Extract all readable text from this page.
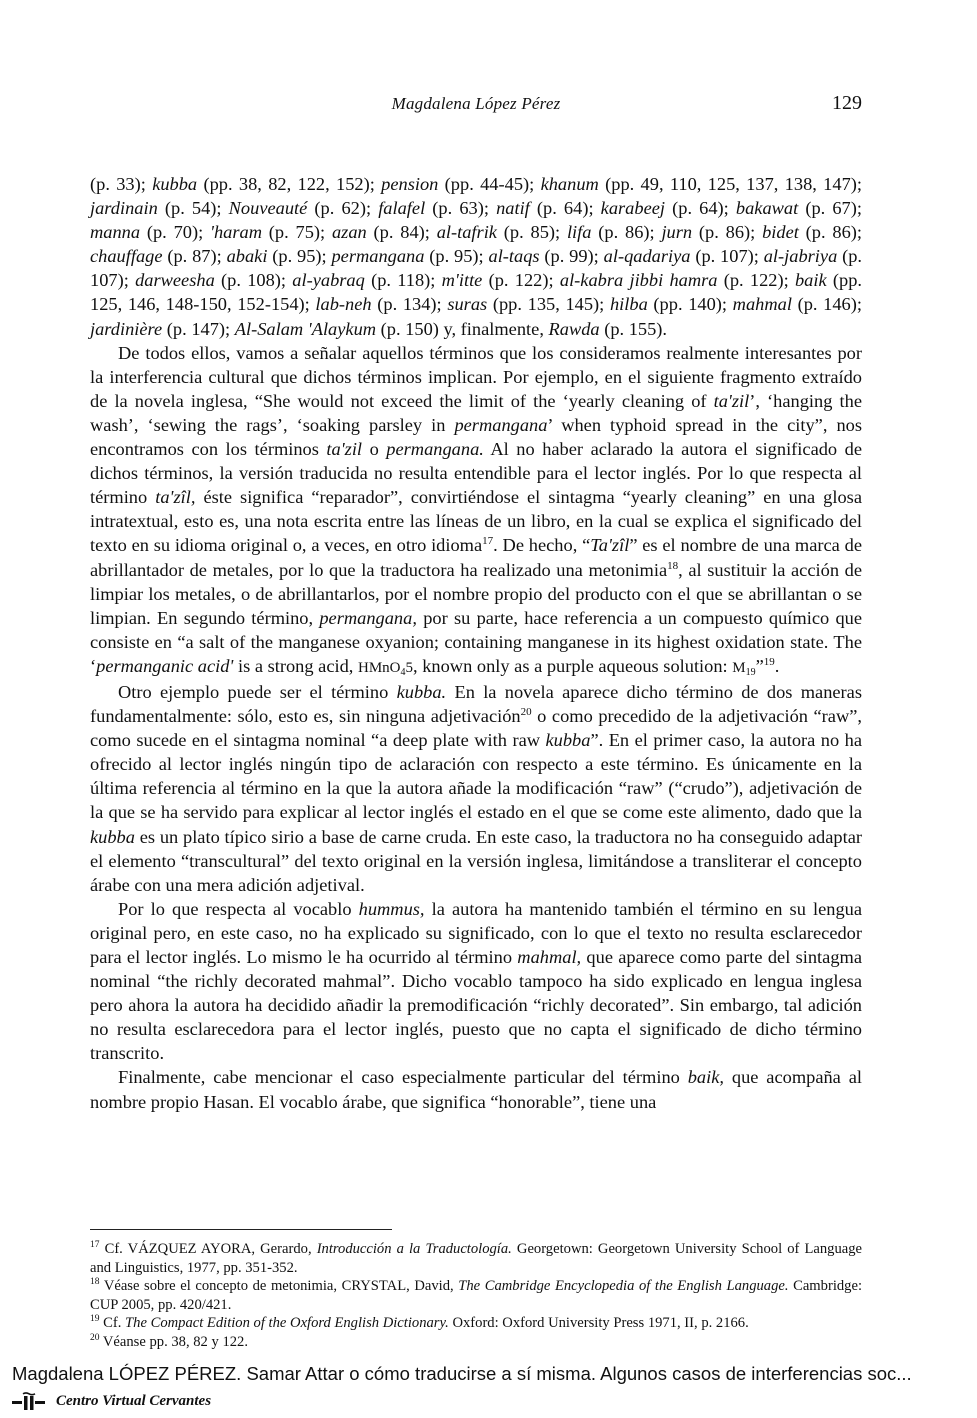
Magdalena López Pérez	129

(p. 33); kubba (pp. 38, 82, 122, 152); pension (pp. 44-45); khanum (pp. 49, 110, 125, 137, 138, 147); jardinain (p. 54); Nouveauté (p. 62); falafel (p. 63); natif (p. 64); karabeej (p. 64); bakawat (p. 67); manna (p. 70); 'haram (p. 75); azan (p. 84); al-tafrik (p. 85); lifa (p. 86); jurn (p. 86); bidet (p. 86); chauffage (p. 87); abaki (p. 95); permangana (p. 95); al-taqs (p. 99); al-qadariya (p. 107); al-jabriya (p. 107); darweesha (p. 108); al-yabraq (p. 118); m'itte (p. 122); al-kabra jibbi hamra (p. 122); baik (pp. 125, 146, 148-150, 152-154); lab-neh (p. 134); suras (pp. 135, 145); hilba (pp. 140); mahmal (p. 146); jardinière (p. 147); Al-Salam 'Alaykum (p. 150) y, finalmente, Rawda (p. 155).

De todos ellos, vamos a señalar aquellos términos que los consideramos realmente interesantes por la interferencia cultural que dichos términos implican. Por ejemplo, en el siguiente fragmento extraído de la novela inglesa, “She would not exceed the limit of the ‘yearly cleaning of ta'zil’, ‘hanging the wash’, ‘sewing the rags’, ‘soaking parsley in permangana’ when typhoid spread in the city”, nos encontramos con los términos ta'zil o permangana. Al no haber aclarado la autora el significado de dichos términos, la versión traducida no resulta entendible para el lector inglés. Por lo que respecta al término ta'zîl, éste significa “reparador”, convirtiéndose el sintagma “yearly cleaning” en una glosa intratextual, esto es, una nota escrita entre las líneas de un libro, en la cual se explica el significado del texto en su idioma original o, a veces, en otro idioma$^{17}$. De hecho, “Ta'zîl” es el nombre de una marca de abrillantador de metales, por lo que la traductora ha realizado una metonimia$^{18}$, al sustituir la acción de limpiar los metales, o de abrillantarlos, por el nombre propio del producto con el que se abrillantan o se limpian. En segundo término, permangana, por su parte, hace referencia a un compuesto químico que consiste en “a salt of the manganese oxyanion; containing manganese in its highest oxidation state. The ‘permanganic acid' is a strong acid, HMnO$_4$5, known only as a purple aqueous solution: $M_{19}”^{19}$.

Otro ejemplo puede ser el término kubba. En la novela aparece dicho término de dos maneras fundamentalmente: sólo, esto es, sin ninguna adjetivación$^{20}$ o como precedido de la adjetivación “raw”, como sucede en el sintagma nominal “a deep plate with raw kubba”. En el primer caso, la autora no ha ofrecido al lector inglés ningún tipo de aclaración con respecto a este término. Es únicamente en la última referencia al término en la que la autora añade la modificación “raw” (“crudo”), adjetivación de la que se ha servido para explicar al lector inglés el estado en el que se come este alimento, dado que la kubba es un plato típico sirio a base de carne cruda. En este caso, la traductora no ha conseguido adaptar el elemento “transcultural” del texto original en la versión inglesa, limitándose a transliterar el concepto árabe con una mera adición adjetival.

Por lo que respecta al vocablo hummus, la autora ha mantenido también el término en su lengua original pero, en este caso, no ha explicado su significado, con lo que el texto no resulta esclarecedor para el lector inglés. Lo mismo le ha ocurrido al término mahmal, que aparece como parte del sintagma nominal “the richly decorated mahmal”. Dicho vocablo tampoco ha sido explicado en lengua inglesa pero ahora la autora ha decidido añadir la premodificación “richly decorated”. Sin embargo, tal adición no resulta esclarecedora para el lector inglés, puesto que no capta el significado de dicho término transcrito.

Finalmente, cabe mencionar el caso especialmente particular del término baik, que acompaña al nombre propio Hasan. El vocablo árabe, que significa “honorable”, tiene una

$^{17}$ Cf. VÁZQUEZ AYORA, Gerardo, Introducción a la Traductología. Georgetown: Georgetown University School of Language and Linguistics, 1977, pp. 351-352.

$^{18}$ Véase sobre el concepto de metonimia, CRYSTAL, David, The Cambridge Encyclopedia of the English Language. Cambridge: CUP 2005, pp. 420/421.

$^{19}$ Cf. The Compact Edition of the Oxford English Dictionary. Oxford: Oxford University Press 1971, II, p. 2166.

$^{20}$ Véanse pp. 38, 82 y 122.

Magdalena LÓPEZ PÉREZ. Samar Attar o cómo traducirse a sí misma. Algunos casos de interferencias soc...
Centro Virtual Cervantes
